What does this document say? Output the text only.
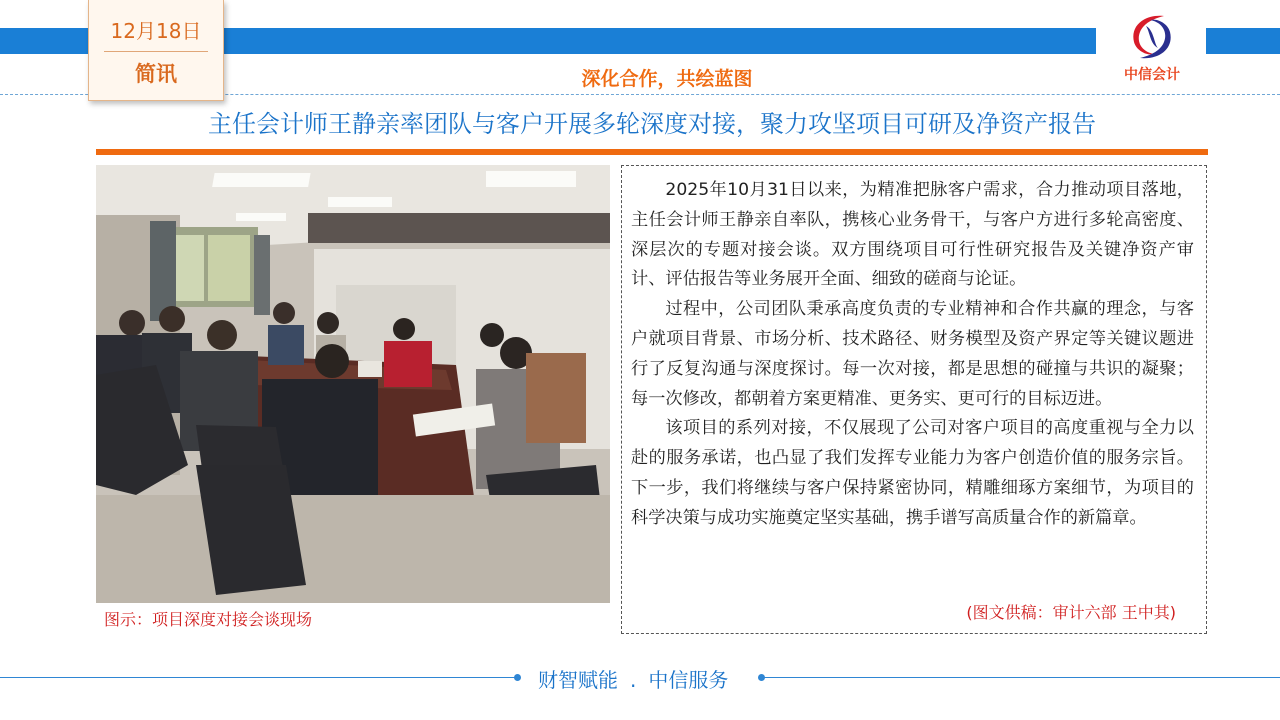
12月18日
简讯	中信会计
深化合作，共绘蓝图
主任会计师王静亲率团队与客户开展多轮深度对接，聚力攻坚项目可研及净资产报告
图示：项目深度对接会谈现场

2025年10月31日以来，为精准把脉客户需求，合力推动项目落地，主任会计师王静亲自率队，携核心业务骨干，与客户方进行多轮高密度、深层次的专题对接会谈。双方围绕项目可行性研究报告及关键净资产审计、评估报告等业务展开全面、细致的磋商与论证。

过程中，公司团队秉承高度负责的专业精神和合作共赢的理念，与客户就项目背景、市场分析、技术路径、财务模型及资产界定等关键议题进行了反复沟通与深度探讨。每一次对接，都是思想的碰撞与共识的凝聚；每一次修改，都朝着方案更精准、更务实、更可行的目标迈进。

该项目的系列对接，不仅展现了公司对客户项目的高度重视与全力以赴的服务承诺，也凸显了我们发挥专业能力为客户创造价值的服务宗旨。下一步，我们将继续与客户保持紧密协同，精雕细琢方案细节，为项目的科学决策与成功实施奠定坚实基础，携手谱写高质量合作的新篇章。

(图文供稿：审计六部 王中其)
财智赋能 . 中信服务
